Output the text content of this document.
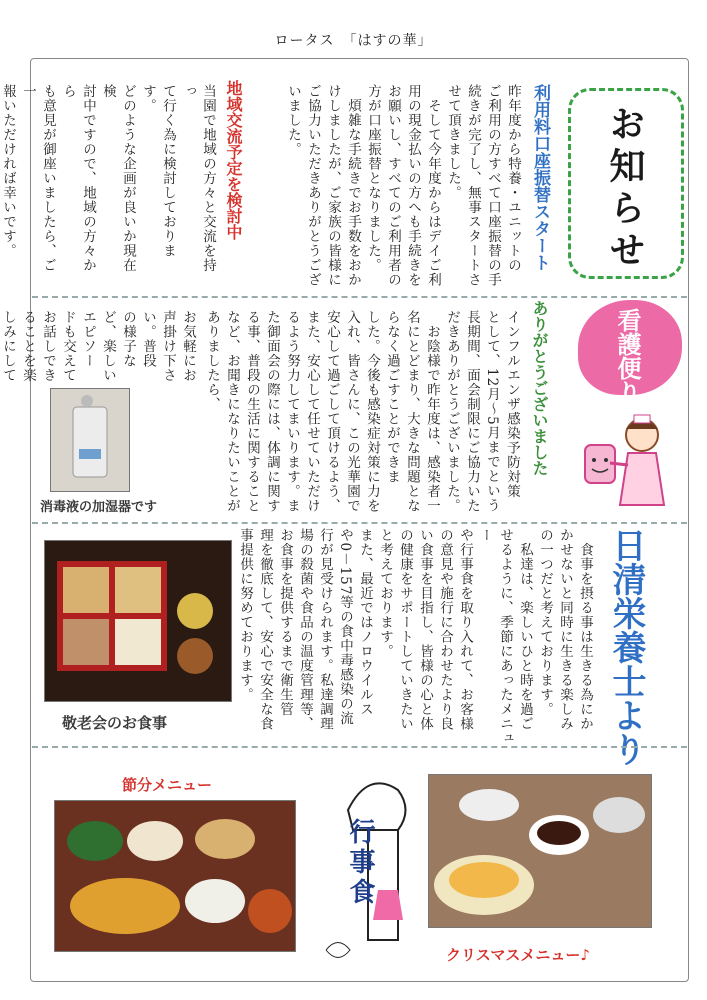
ロータス　「はすの華」
お知らせ
利用料口座振替スタート
昨年度から特養・ユニットの
ご利用の方すべて口座振替の手
続きが完了し、無事スタートさ
せて頂きました。
　そして今年度からはデイご利
用の現金払いの方へも手続きを
お願いし、すべてのご利用者の
方が口座振替となりました。
　煩雑な手続きでお手数をおか
けしましたが、ご家族の皆様に
ご協力いただきありがとうござ
いました。
地域交流予定を検討中
当園で地域の方々と交流を持っ
て行く為に検討しております。
どのような企画が良いか現在検
討中ですので、地域の方々から
も意見が御座いましたら、ご一
報いただければ幸いです。

看護便り
ありがとうございました
インフルエンザ感染予防対策
として、12月～5月までという
長期間、面会制限にご協力いた
だきありがとうございました。
　お陰様で昨年度は、感染者一
名にとどまり、大きな問題とな
らなく過ごすことができま
した。今後も感染症対策に力を
入れ、皆さんに、この光華園で
安心して過ごして頂けるよう、
また、安心して任せていただけ
るよう努力してまいります。ま
た御面会の際には、体調に関す
る事、普段の生活に関すること
など、お聞きになりたいことが
ありましたら、
お気軽にお声掛け下さい。普段
の様子など、楽しいエピソー
ドも交えて
お話しでき
ることを楽
しみにして

消毒液の加湿器です
日清栄養士より
　食事を摂る事は生きる為にか
かせないと同時に生きる楽しみ
の一つだと考えております。
　私達は、楽しいひと時を過ご
せるように、季節にあったメニュー
や行事食を取り入れて、お客様
の意見や施行に合わせたより良
い食事を目指し、皆様の心と体
の健康をサポートしていきたい
と考えております。
また、最近ではノロウイルス
や0－157等の食中毒感染の流
行が見受けられます。私達調理
場の殺菌や食品の温度管理等、
お食事を提供するまで衛生管
理を徹底して、安心で安全な食
事提供に努めております。
敬老会のお食事
節分メニュー
行事食
クリスマスメニュー♪
